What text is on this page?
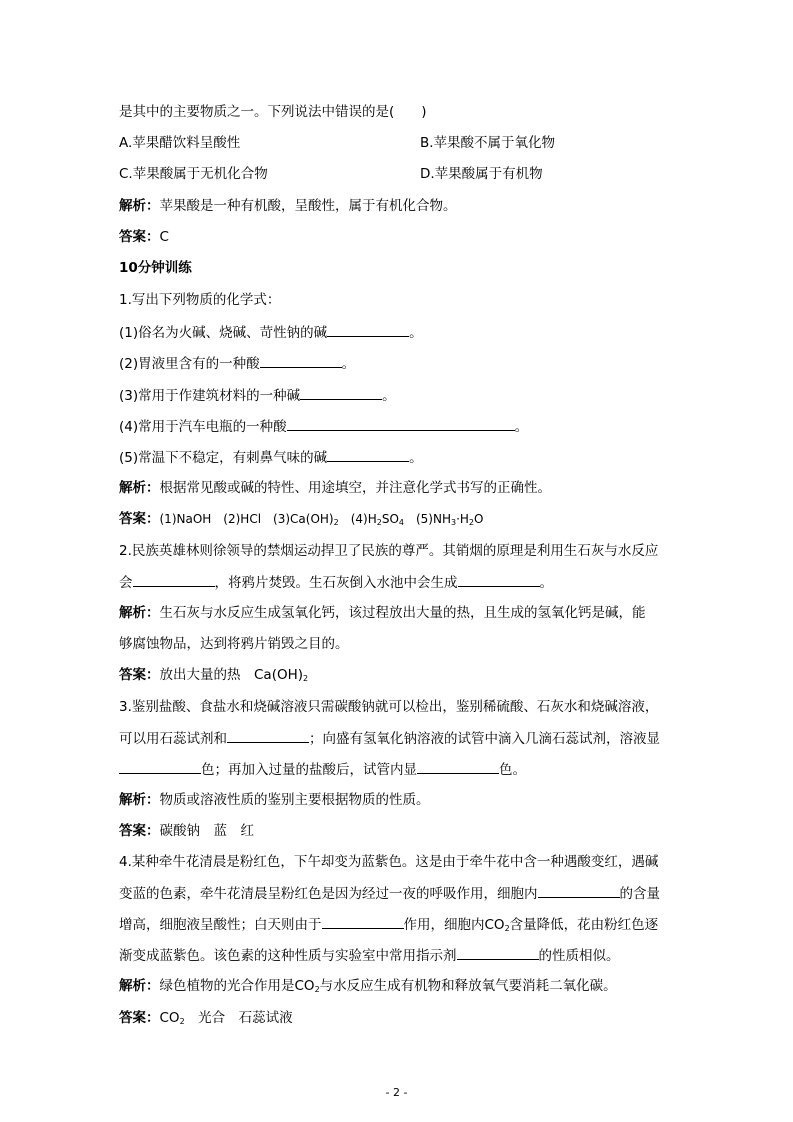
是其中的主要物质之一。下列说法中错误的是(　　)
A.苹果醋饮料呈酸性	B.苹果酸不属于氧化物
C.苹果酸属于无机化合物	D.苹果酸属于有机物
解析：苹果酸是一种有机酸，呈酸性，属于有机化合物。
答案：C
10分钟训练
1.写出下列物质的化学式：
(1)俗名为火碱、烧碱、苛性钠的碱	。
(2)胃液里含有的一种酸	。
(3)常用于作建筑材料的一种碱	。
(4)常用于汽车电瓶的一种酸	。
(5)常温下不稳定，有刺鼻气味的碱	。
解析：根据常见酸或碱的特性、用途填空，并注意化学式书写的正确性。
答案：(1)NaOH　(2)HCl　$(3)Ca(OH)_2$　$(4)H_2SO_4$　$(5)NH_3\cdot H_2O$
2.民族英雄林则徐领导的禁烟运动捍卫了民族的尊严。其销烟的原理是利用生石灰与水反应
会	，将鸦片焚毁。生石灰倒入水池中会生成	。
解析：生石灰与水反应生成氢氧化钙，该过程放出大量的热，且生成的氢氧化钙是碱，能
够腐蚀物品，达到将鸦片销毁之目的。
答案：放出大量的热　$Ca(OH)_2$
3.鉴别盐酸、食盐水和烧碱溶液只需碳酸钠就可以检出，鉴别稀硫酸、石灰水和烧碱溶液，
可以用石蕊试剂和	；向盛有氢氧化钠溶液的试管中滴入几滴石蕊试剂，溶液显
色；再加入过量的盐酸后，试管内显	色。
解析：物质或溶液性质的鉴别主要根据物质的性质。
答案：碳酸钠　蓝　红
4.某种牵牛花清晨是粉红色，下午却变为蓝紫色。这是由于牵牛花中含一种遇酸变红，遇碱
变蓝的色素，牵牛花清晨呈粉红色是因为经过一夜的呼吸作用，细胞内	的含量
增高，细胞液呈酸性；白天则由于	作用，细胞内$CO_2$含量降低，花由粉红色逐
渐变成蓝紫色。该色素的这种性质与实验室中常用指示剂	的性质相似。
解析：绿色植物的光合作用是$CO_2$与水反应生成有机物和释放氧气要消耗二氧化碳。
答案：$CO_2$　光合　石蕊试液
- 2 -
